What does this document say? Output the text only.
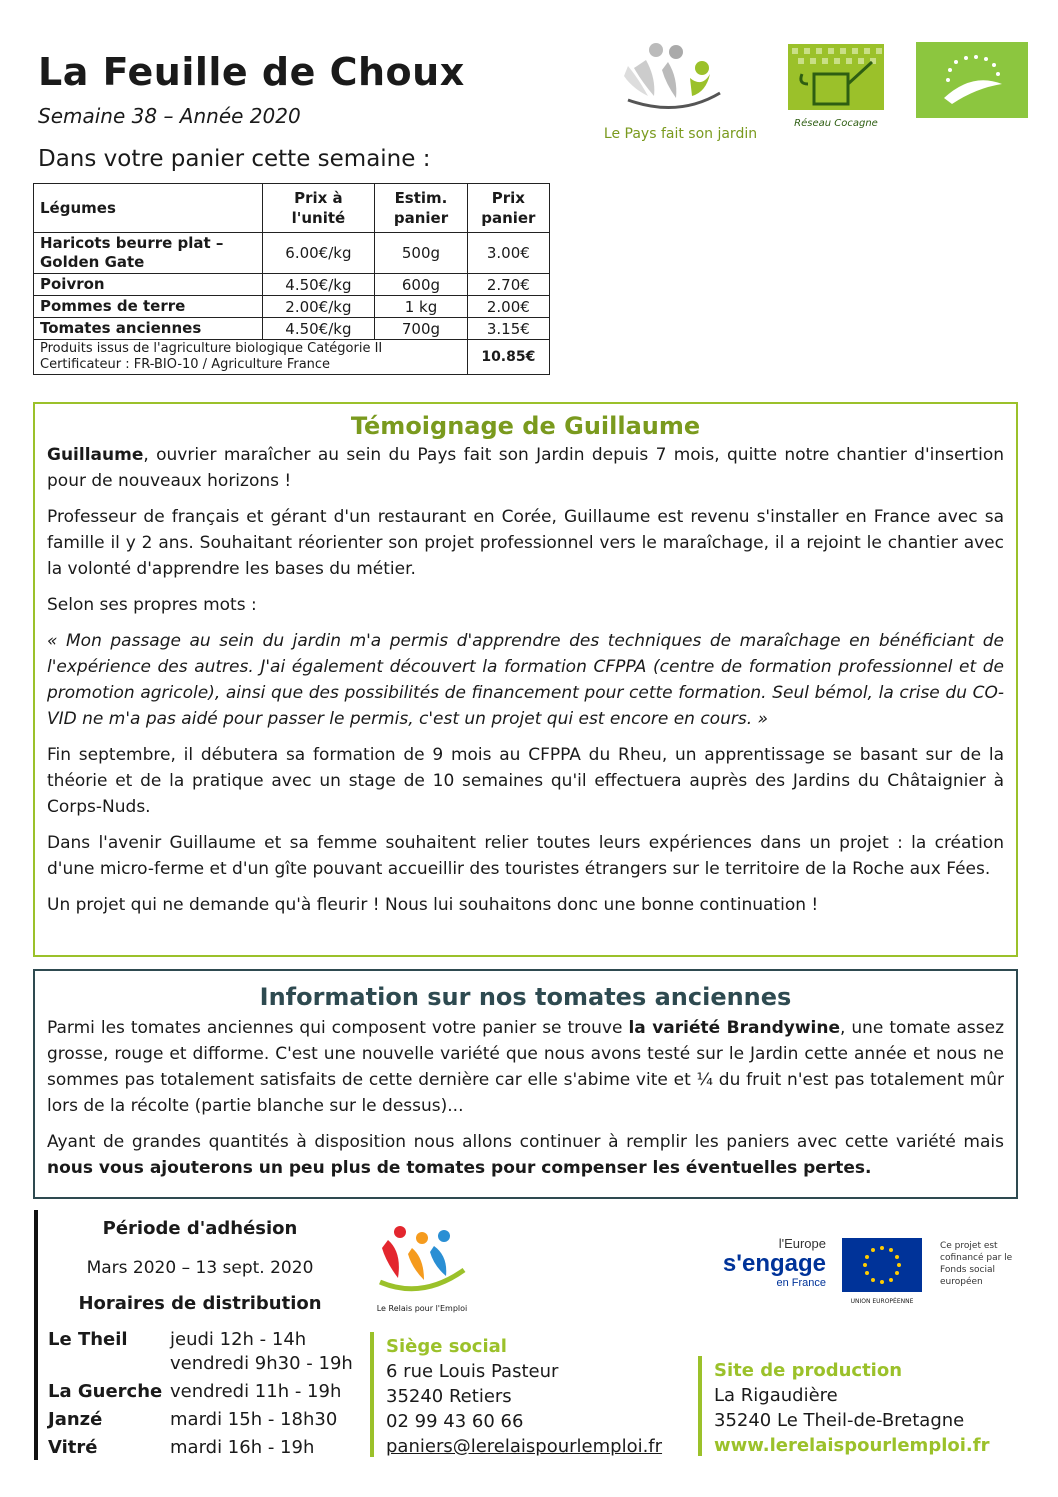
La Feuille de Choux
Semaine 38 – Année 2020
Dans votre panier cette semaine :
Le Pays fait son jardin
Réseau Cocagne
Légumes	Prix à l'unité	Estim. panier	Prix panier
Haricots beurre plat – Golden Gate	6.00€/kg	500g	3.00€
Poivron	4.50€/kg	600g	2.70€
Pommes de terre	2.00€/kg	1 kg	2.00€
Tomates anciennes	4.50€/kg	700g	3.15€

Produits issus de l'agriculture biologique Catégorie II
Certificateur : FR-BIO-10 / Agriculture France			10.85€
Témoignage de Guillaume

Guillaume, ouvrier maraîcher au sein du Pays fait son Jardin depuis 7 mois, quitte notre chantier d'insertion pour de nouveaux horizons !

Professeur de français et gérant d'un restaurant en Corée, Guillaume est revenu s'installer en France avec sa famille il y 2 ans. Souhaitant réorienter son projet professionnel vers le maraîchage, il a rejoint le chantier avec la volonté d'apprendre les bases du métier.

Selon ses propres mots :

« Mon passage au sein du jardin m'a permis d'apprendre des techniques de maraîchage en bénéficiant de l'expérience des autres. J'ai également découvert la formation CFPPA (centre de formation professionnel et de promotion agricole), ainsi que des possibilités de financement pour cette formation. Seul bémol, la crise du CO-VID ne m'a pas aidé pour passer le permis, c'est un projet qui est encore en cours. »

Fin septembre, il débutera sa formation de 9 mois au CFPPA du Rheu, un apprentissage se basant sur de la théorie et de la pratique avec un stage de 10 semaines qu'il effectuera auprès des Jardins du Châtaignier à Corps-Nuds.

Dans l'avenir Guillaume et sa femme souhaitent relier toutes leurs expériences dans un projet : la création d'une micro-ferme et d'un gîte pouvant accueillir des touristes étrangers sur le territoire de la Roche aux Fées.

Un projet qui ne demande qu'à fleurir ! Nous lui souhaitons donc une bonne continuation !

Information sur nos tomates anciennes

Parmi les tomates anciennes qui composent votre panier se trouve la variété Brandywine, une tomate assez grosse, rouge et difforme. C'est une nouvelle variété que nous avons testé sur le Jardin cette année et nous ne sommes pas totalement satisfaits de cette dernière car elle s'abime vite et ¼ du fruit n'est pas totalement mûr lors de la récolte (partie blanche sur le dessus)...

Ayant de grandes quantités à disposition nous allons continuer à remplir les paniers avec cette variété mais nous vous ajouterons un peu plus de tomates pour compenser les éventuelles pertes.

Période d'adhésion
Mars 2020 – 13 sept. 2020
Horaires de distribution
Le Theil	jeudi 12h - 14h
vendredi 9h30 - 19h
La Guerche vendredi 11h - 19h
Janzé	mardi 15h - 18h30
Vitré	mardi 16h - 19h
Le Relais pour l'Emploi
Siège social
6 rue Louis Pasteur
35240 Retiers
02 99 43 60 66
paniers@lerelaispourlemploi.fr
l'Europe
s'engage
en France
UNION EUROPÉENNE
Ce projet est cofinancé par le Fonds social européen
Site de production
La Rigaudière
35240 Le Theil-de-Bretagne
www.lerelaispourlemploi.fr
